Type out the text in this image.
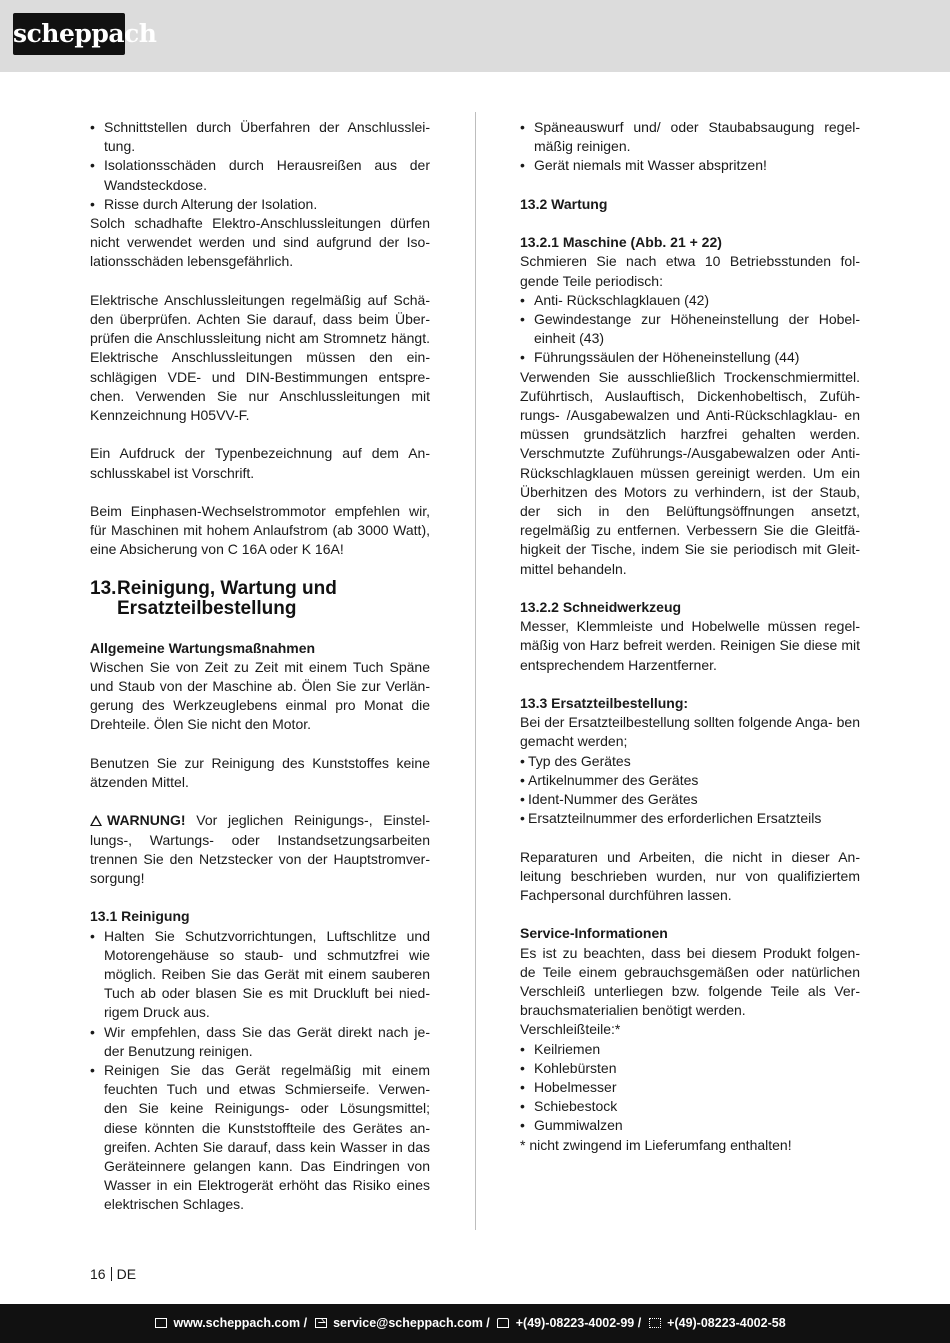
scheppach
• Schnittstellen durch Überfahren der Anschlusslei- tung.
• Isolationsschäden durch Herausreißen aus der Wandsteckdose.
• Risse durch Alterung der Isolation.

Solch schadhafte Elektro-Anschlussleitungen dürfen nicht verwendet werden und sind aufgrund der Iso- lationsschäden lebensgefährlich.

Elektrische Anschlussleitungen regelmäßig auf Schä- den überprüfen. Achten Sie darauf, dass beim Über- prüfen die Anschlussleitung nicht am Stromnetz hängt. Elektrische Anschlussleitungen müssen den ein- schlägigen VDE- und DIN-Bestimmungen entspre- chen. Verwenden Sie nur Anschlussleitungen mit Kennzeichnung H05VV-F.

Ein Aufdruck der Typenbezeichnung auf dem An- schlusskabel ist Vorschrift.

Beim Einphasen-Wechselstrommotor empfehlen wir, für Maschinen mit hohem Anlaufstrom (ab 3000 Watt), eine Absicherung von C 16A oder K 16A!

13. Reinigung, Wartung und Ersatzteilbestellung
Allgemeine Wartungsmaßnahmen

Wischen Sie von Zeit zu Zeit mit einem Tuch Späne und Staub von der Maschine ab. Ölen Sie zur Verlän- gerung des Werkzeuglebens einmal pro Monat die Drehteile. Ölen Sie nicht den Motor.

Benutzen Sie zur Reinigung des Kunststoffes keine ätzenden Mittel.

WARNUNG! Vor jeglichen Reinigungs-, Einstel- lungs-, Wartungs- oder Instandsetzungsarbeiten trennen Sie den Netzstecker von der Hauptstromver- sorgung!

13.1 Reinigung
• Halten Sie Schutzvorrichtungen, Luftschlitze und Motorengehäuse so staub- und schmutzfrei wie möglich. Reiben Sie das Gerät mit einem sauberen Tuch ab oder blasen Sie es mit Druckluft bei nied- rigem Druck aus.
• Wir empfehlen, dass Sie das Gerät direkt nach je- der Benutzung reinigen.
• Reinigen Sie das Gerät regelmäßig mit einem feuchten Tuch und etwas Schmierseife. Verwen- den Sie keine Reinigungs- oder Lösungsmittel; diese könnten die Kunststoffteile des Gerätes an- greifen. Achten Sie darauf, dass kein Wasser in das Geräteinnere gelangen kann. Das Eindringen von Wasser in ein Elektrogerät erhöht das Risiko eines elektrischen Schlages.
• Späneauswurf und/ oder Staubabsaugung regel- mäßig reinigen.
• Gerät niemals mit Wasser abspritzen!
13.2 Wartung
13.2.1 Maschine (Abb. 21 + 22)

Schmieren Sie nach etwa 10 Betriebsstunden fol- gende Teile periodisch:

• Anti- Rückschlagklauen (42)
• Gewindestange zur Höheneinstellung der Hobel- einheit (43)
• Führungssäulen der Höheneinstellung (44)

Verwenden Sie ausschließlich Trockenschmiermittel. Zuführtisch, Auslauftisch, Dickenhobeltisch, Zufüh- rungs- /Ausgabewalzen und Anti-Rückschlagklau- en müssen grundsätzlich harzfrei gehalten werden. Verschmutzte Zuführungs-/Ausgabewalzen oder Anti-Rückschlagklauen müssen gereinigt werden. Um ein Überhitzen des Motors zu verhindern, ist der Staub, der sich in den Belüftungsöffnungen ansetzt, regelmäßig zu entfernen. Verbessern Sie die Gleitfä- higkeit der Tische, indem Sie sie periodisch mit Gleit- mittel behandeln.

13.2.2 Schneidwerkzeug

Messer, Klemmleiste und Hobelwelle müssen regel- mäßig von Harz befreit werden. Reinigen Sie diese mit entsprechendem Harzentferner.

13.3 Ersatzteilbestellung:

Bei der Ersatzteilbestellung sollten folgende Anga- ben gemacht werden;

• Typ des Gerätes
• Artikelnummer des Gerätes
• Ident-Nummer des Gerätes
• Ersatzteilnummer des erforderlichen Ersatzteils

Reparaturen und Arbeiten, die nicht in dieser An- leitung beschrieben wurden, nur von qualifiziertem Fachpersonal durchführen lassen.

Service-Informationen

Es ist zu beachten, dass bei diesem Produkt folgen- de Teile einem gebrauchsgemäßen oder natürlichen Verschleiß unterliegen bzw. folgende Teile als Ver- brauchsmaterialien benötigt werden.

Verschleißteile:*

• Keilriemen
• Kohlebürsten
• Hobelmesser
• Schiebestock
• Gummiwalzen

* nicht zwingend im Lieferumfang enthalten!

16 DE
www.scheppach.com / service@scheppach.com / +(49)-08223-4002-99 / +(49)-08223-4002-58
